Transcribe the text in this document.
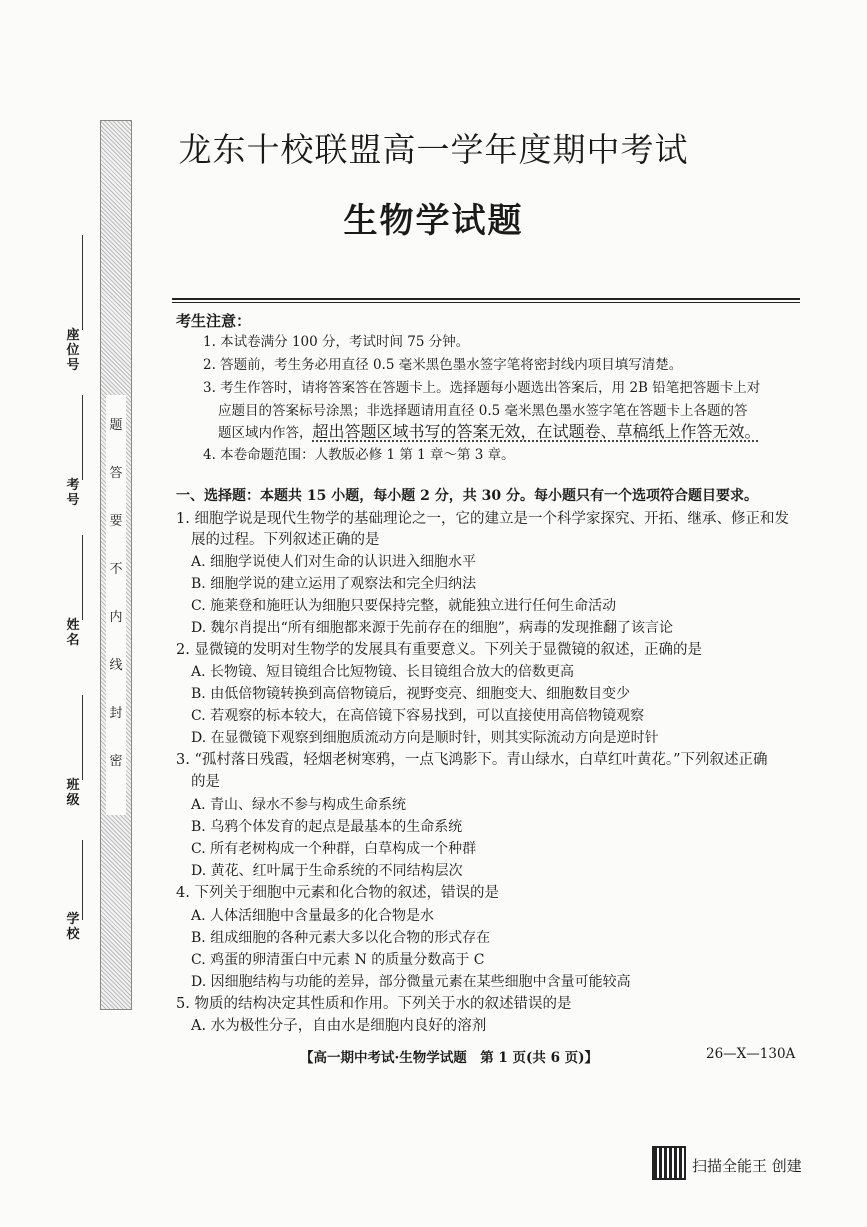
题
答
要
不
内
线
封
密
座位号
考号
姓名
班级
学校
龙东十校联盟高一学年度期中考试
生物学试题
考生注意：
1. 本试卷满分 100 分，考试时间 75 分钟。
2. 答题前，考生务必用直径 0.5 毫米黑色墨水签字笔将密封线内项目填写清楚。
3. 考生作答时，请将答案答在答题卡上。选择题每小题选出答案后，用 2B 铅笔把答题卡上对
应题目的答案标号涂黑；非选择题请用直径 0.5 毫米黑色墨水签字笔在答题卡上各题的答
题区域内作答，超出答题区域书写的答案无效，在试题卷、草稿纸上作答无效。
4. 本卷命题范围：人教版必修 1 第 1 章～第 3 章。
一、选择题：本题共 15 小题，每小题 2 分，共 30 分。每小题只有一个选项符合题目要求。
1. 细胞学说是现代生物学的基础理论之一，它的建立是一个科学家探究、开拓、继承、修正和发
展的过程。下列叙述正确的是
A. 细胞学说使人们对生命的认识进入细胞水平
B. 细胞学说的建立运用了观察法和完全归纳法
C. 施莱登和施旺认为细胞只要保持完整，就能独立进行任何生命活动
D. 魏尔肖提出“所有细胞都来源于先前存在的细胞”，病毒的发现推翻了该言论
2. 显微镜的发明对生物学的发展具有重要意义。下列关于显微镜的叙述，正确的是
A. 长物镜、短目镜组合比短物镜、长目镜组合放大的倍数更高
B. 由低倍物镜转换到高倍物镜后，视野变亮、细胞变大、细胞数目变少
C. 若观察的标本较大，在高倍镜下容易找到，可以直接使用高倍物镜观察
D. 在显微镜下观察到细胞质流动方向是顺时针，则其实际流动方向是逆时针
3. “孤村落日残霞，轻烟老树寒鸦，一点飞鸿影下。青山绿水，白草红叶黄花。”下列叙述正确
的是
A. 青山、绿水不参与构成生命系统
B. 乌鸦个体发育的起点是最基本的生命系统
C. 所有老树构成一个种群，白草构成一个种群
D. 黄花、红叶属于生命系统的不同结构层次
4. 下列关于细胞中元素和化合物的叙述，错误的是
A. 人体活细胞中含量最多的化合物是水
B. 组成细胞的各种元素大多以化合物的形式存在
C. 鸡蛋的卵清蛋白中元素 N 的质量分数高于 C
D. 因细胞结构与功能的差异，部分微量元素在某些细胞中含量可能较高
5. 物质的结构决定其性质和作用。下列关于水的叙述错误的是
A. 水为极性分子，自由水是细胞内良好的溶剂
【高一期中考试·生物学试题　第 1 页(共 6 页)】	26—X—130A
扫描全能王 创建
